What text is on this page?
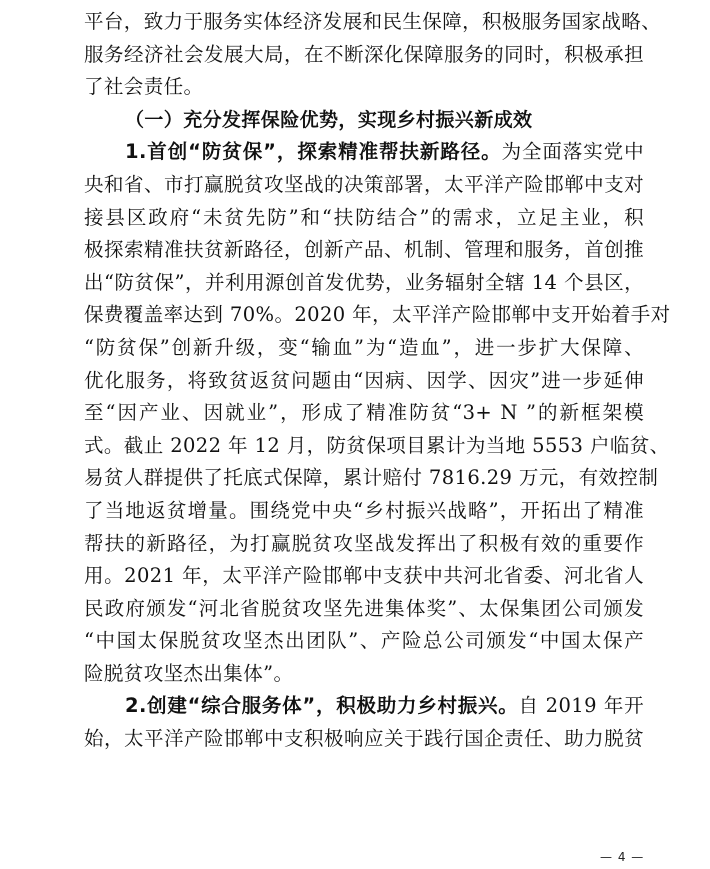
平台，致力于服务实体经济发展和民生保障，积极服务国家战略、
服务经济社会发展大局，在不断深化保障服务的同时，积极承担
了社会责任。
（一）充分发挥保险优势，实现乡村振兴新成效
1.首创“防贫保”，探索精准帮扶新路径。为全面落实党中
央和省、市打赢脱贫攻坚战的决策部署，太平洋产险邯郸中支对
接县区政府“未贫先防”和“扶防结合”的需求，立足主业，积
极探索精准扶贫新路径，创新产品、机制、管理和服务，首创推
出“防贫保”，并利用源创首发优势，业务辐射全辖 14 个县区，
保费覆盖率达到 70%。2020 年，太平洋产险邯郸中支开始着手对
“防贫保”创新升级，变“输血”为“造血”，进一步扩大保障、
优化服务，将致贫返贫问题由“因病、因学、因灾”进一步延伸
至“因产业、因就业”，形成了精准防贫“3+ N ”的新框架模
式。截止 2022 年 12 月，防贫保项目累计为当地 5553 户临贫、
易贫人群提供了托底式保障，累计赔付 7816.29 万元，有效控制
了当地返贫增量。围绕党中央“乡村振兴战略”，开拓出了精准
帮扶的新路径，为打赢脱贫攻坚战发挥出了积极有效的重要作
用。2021 年，太平洋产险邯郸中支获中共河北省委、河北省人
民政府颁发“河北省脱贫攻坚先进集体奖”、太保集团公司颁发
“中国太保脱贫攻坚杰出团队”、产险总公司颁发“中国太保产
险脱贫攻坚杰出集体”。
2.创建“综合服务体”，积极助力乡村振兴。自 2019 年开
始，太平洋产险邯郸中支积极响应关于践行国企责任、助力脱贫
— 4 —
